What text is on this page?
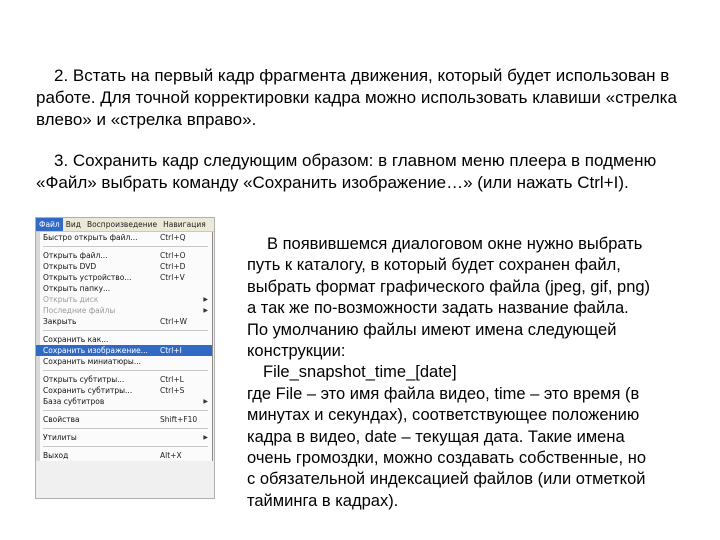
2. Встать на первый кадр фрагмента движения, который будет использован в работе. Для точной корректировки кадра можно использовать клавиши «стрелка влево» и «стрелка вправо».

3. Сохранить кадр следующим образом: в главном меню плеера в подменю «Файл» выбрать команду «Сохранить изображение…» (или нажать Ctrl+I).

Файл Вид Воспроизведение Навигация
Быстро открыть файл...	Ctrl+Q
Открыть файл...	Ctrl+O
Открыть DVD	Ctrl+D
Открыть устройство...	Ctrl+V
Открыть папку...
Открыть диск	▶
Последние файлы	▶
Закрыть	Ctrl+W
Сохранить как...
Сохранить изображение... Ctrl+I
Сохранить миниатюры...
Открыть субтитры...	Ctrl+L
Сохранить субтитры...	Ctrl+S
База субтитров	▶
Свойства	Shift+F10
Утилиты	▶
Выход	Alt+X
В появившемся диалоговом окне нужно выбрать
путь к каталогу, в который будет сохранен файл,
выбрать формат графического файла (jpeg, gif, png)
а так же по-возможности задать название файла.
По умолчанию файлы имеют имена следующей
конструкции:
File_snapshot_time_[date]
где File – это имя файла видео, time – это время (в
минутах и секундах), соответствующее положению
кадра в видео, date – текущая дата. Такие имена
очень громоздки, можно создавать собственные, но
с обязательной индексацией файлов (или отметкой
тайминга в кадрах).
